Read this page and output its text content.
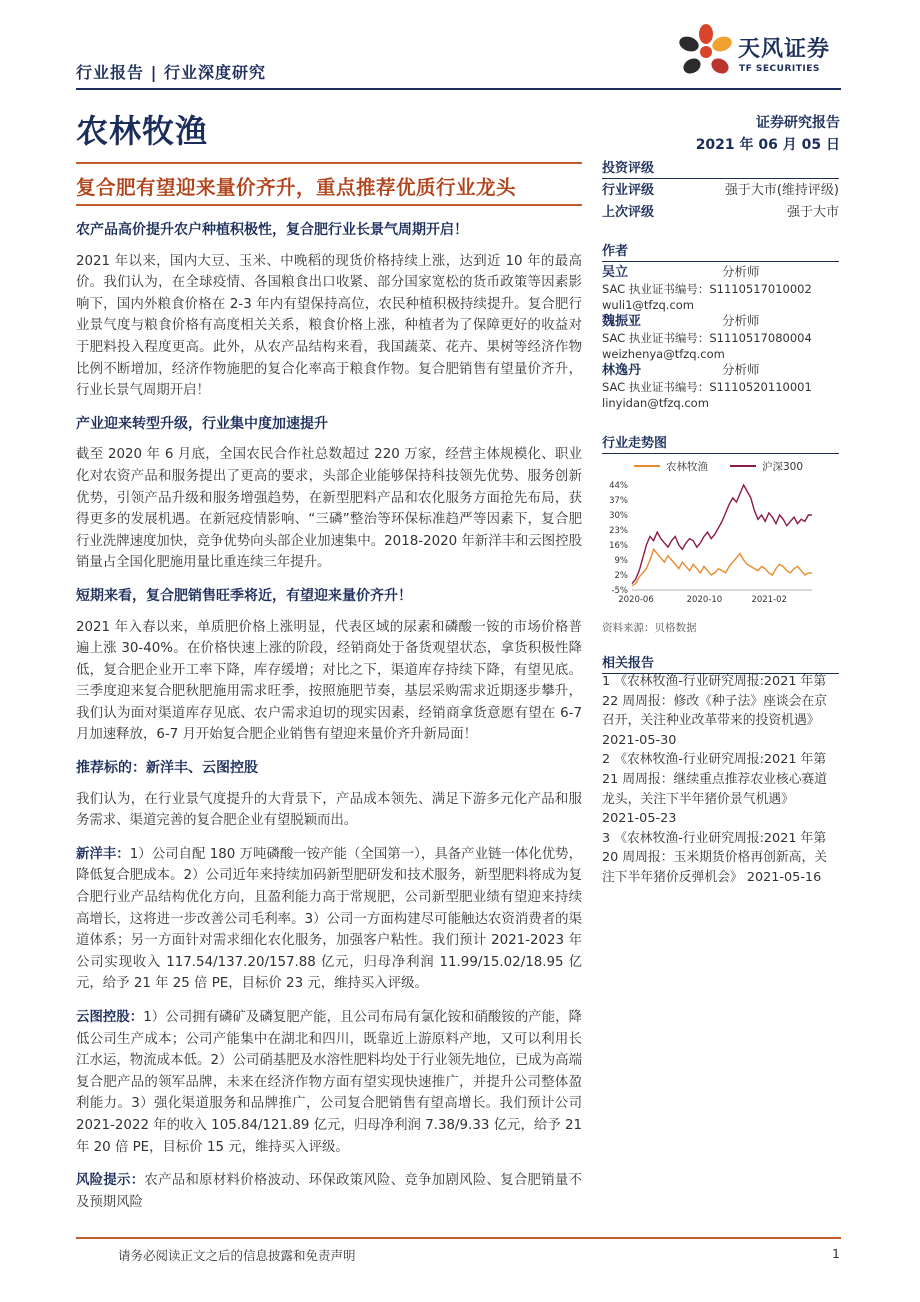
行业报告 | 行业深度研究
天风证券
TF SECURITIES
农林牧渔	证券研究报告
2021 年 06 月 05 日
复合肥有望迎来量价齐升，重点推荐优质行业龙头
农产品高价提升农户种植积极性，复合肥行业长景气周期开启！

2021 年以来，国内大豆、玉米、中晚稻的现货价格持续上涨，达到近 10 年的最高价。我们认为，在全球疫情、各国粮食出口收紧、部分国家宽松的货币政策等因素影响下，国内外粮食价格在 2-3 年内有望保持高位，农民种植积极持续提升。复合肥行业景气度与粮食价格有高度相关关系，粮食价格上涨，种植者为了保障更好的收益对于肥料投入程度更高。此外，从农产品结构来看，我国蔬菜、花卉、果树等经济作物比例不断增加，经济作物施肥的复合化率高于粮食作物。复合肥销售有望量价齐升，行业长景气周期开启！

产业迎来转型升级，行业集中度加速提升

截至 2020 年 6 月底，全国农民合作社总数超过 220 万家，经营主体规模化、职业化对农资产品和服务提出了更高的要求，头部企业能够保持科技领先优势、服务创新优势，引领产品升级和服务增强趋势，在新型肥料产品和农化服务方面抢先布局，获得更多的发展机遇。在新冠疫情影响、“三磷”整治等环保标准趋严等因素下，复合肥行业洗牌速度加快，竞争优势向头部企业加速集中。2018-2020 年新洋丰和云图控股销量占全国化肥施用量比重连续三年提升。

短期来看，复合肥销售旺季将近，有望迎来量价齐升！

2021 年入春以来，单质肥价格上涨明显，代表区域的尿素和磷酸一铵的市场价格普遍上涨 30-40%。在价格快速上涨的阶段，经销商处于备货观望状态，拿货积极性降低，复合肥企业开工率下降，库存缓增；对比之下，渠道库存持续下降，有望见底。三季度迎来复合肥秋肥施用需求旺季，按照施肥节奏，基层采购需求近期逐步攀升，我们认为面对渠道库存见底、农户需求迫切的现实因素，经销商拿货意愿有望在 6-7 月加速释放，6-7 月开始复合肥企业销售有望迎来量价齐升新局面！

推荐标的：新洋丰、云图控股

我们认为，在行业景气度提升的大背景下，产品成本领先、满足下游多元化产品和服务需求、渠道完善的复合肥企业有望脱颖而出。

新洋丰：1）公司自配 180 万吨磷酸一铵产能（全国第一），具备产业链一体化优势，降低复合肥成本。2）公司近年来持续加码新型肥研发和技术服务，新型肥料将成为复合肥行业产品结构优化方向，且盈利能力高于常规肥，公司新型肥业绩有望迎来持续高增长，这将进一步改善公司毛利率。3）公司一方面构建尽可能触达农资消费者的渠道体系；另一方面针对需求细化农化服务，加强客户粘性。我们预计 2021-2023 年公司实现收入 117.54/137.20/157.88 亿元，归母净利润 11.99/15.02/18.95 亿元，给予 21 年 25 倍 PE，目标价 23 元，维持买入评级。

云图控股：1）公司拥有磷矿及磷复肥产能，且公司布局有氯化铵和硝酸铵的产能，降低公司生产成本；公司产能集中在湖北和四川，既靠近上游原料产地，又可以利用长江水运，物流成本低。2）公司硝基肥及水溶性肥料均处于行业领先地位，已成为高端复合肥产品的领军品牌，未来在经济作物方面有望实现快速推广，并提升公司整体盈利能力。3）强化渠道服务和品牌推广，公司复合肥销售有望高增长。我们预计公司 2021-2022 年的收入 105.84/121.89 亿元，归母净利润 7.38/9.33 亿元，给予 21 年 20 倍 PE，目标价 15 元，维持买入评级。

风险提示：农产品和原材料价格波动、环保政策风险、竞争加剧风险、复合肥销量不及预期风险

投资评级
行业评级	强于大市(维持评级)
上次评级	强于大市
作者
吴立	分析师
SAC 执业证书编号：S1110517010002
wuli1@tfzq.com
魏振亚	分析师
SAC 执业证书编号：S1110517080004
weizhenya@tfzq.com
林逸丹	分析师
SAC 执业证书编号：S1110520110001
linyidan@tfzq.com
行业走势图
农林牧渔	沪深300
-5%
2%
9%
16%
23%
30%
37%
44%
2020-06	2020-10	2021-02
资料来源：贝格数据
相关报告
1 《农林牧渔-行业研究周报:2021 年第 22 周周报：修改《种子法》座谈会在京召开，关注种业改革带来的投资机遇》
2021-05-30
2 《农林牧渔-行业研究周报:2021 年第 21 周周报：继续重点推荐农业核心赛道龙头，关注下半年猪价景气机遇》
2021-05-23
3 《农林牧渔-行业研究周报:2021 年第 20 周周报：玉米期货价格再创新高，关注下半年猪价反弹机会》 2021-05-16
请务必阅读正文之后的信息披露和免责声明	1
